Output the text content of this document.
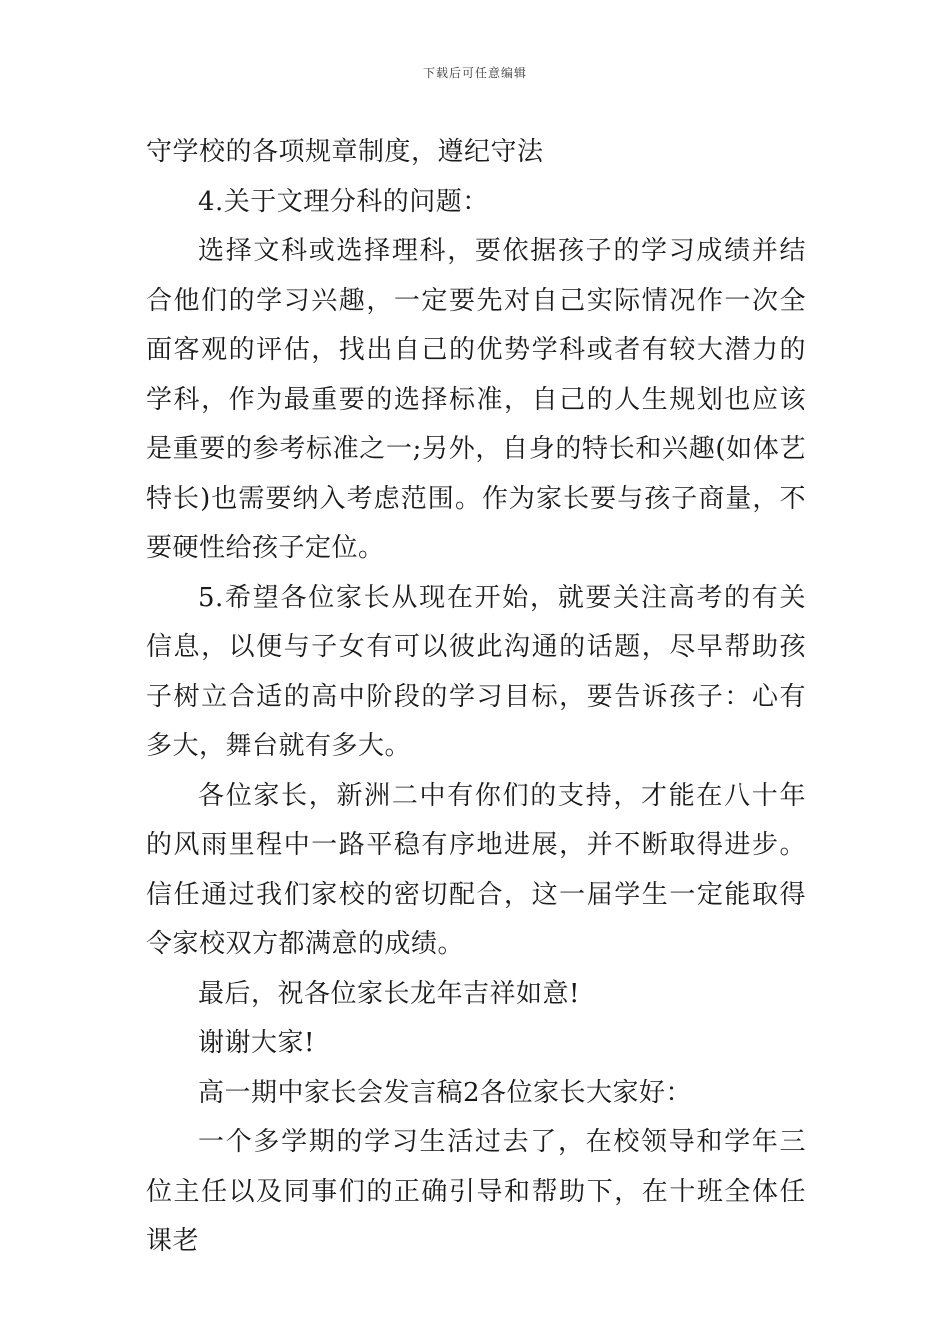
下载后可任意编辑

守学校的各项规章制度，遵纪守法

4.关于文理分科的问题：

选择文科或选择理科，要依据孩子的学习成绩并结合他们的学习兴趣，一定要先对自己实际情况作一次全面客观的评估，找出自己的优势学科或者有较大潜力的学科，作为最重要的选择标准，自己的人生规划也应该是重要的参考标准之一;另外，自身的特长和兴趣(如体艺特长)也需要纳入考虑范围。作为家长要与孩子商量，不要硬性给孩子定位。

5.希望各位家长从现在开始，就要关注高考的有关信息，以便与子女有可以彼此沟通的话题，尽早帮助孩子树立合适的高中阶段的学习目标，要告诉孩子：心有多大，舞台就有多大。

各位家长，新洲二中有你们的支持，才能在八十年的风雨里程中一路平稳有序地进展，并不断取得进步。信任通过我们家校的密切配合，这一届学生一定能取得令家校双方都满意的成绩。

最后，祝各位家长龙年吉祥如意!

谢谢大家!

高一期中家长会发言稿2各位家长大家好：

一个多学期的学习生活过去了，在校领导和学年三位主任以及同事们的正确引导和帮助下，在十班全体任课老
